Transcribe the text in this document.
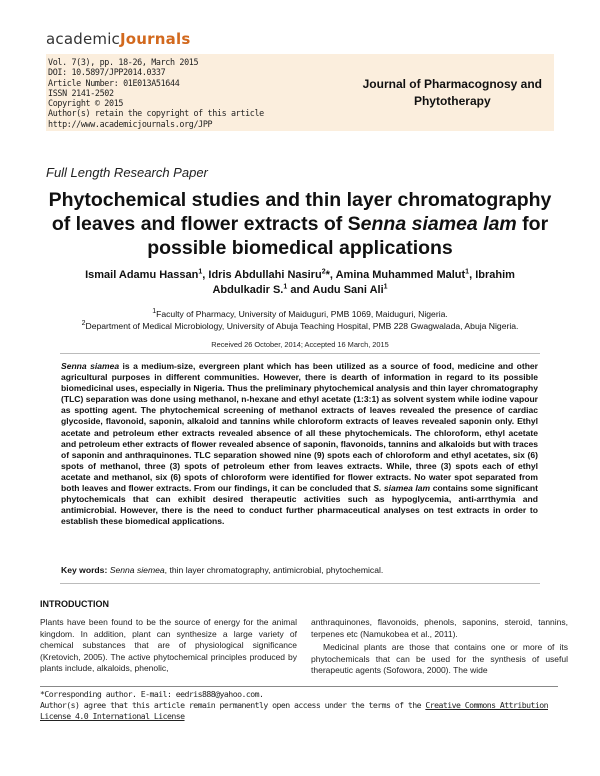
academicJournals
Vol. 7(3), pp. 18-26, March 2015
DOI: 10.5897/JPP2014.0337
Article Number: 01E013A51644
ISSN 2141-2502
Copyright © 2015
Author(s) retain the copyright of this article
http://www.academicjournals.org/JPP
Journal of Pharmacognosy and
Phytotherapy
Full Length Research Paper
Phytochemical studies and thin layer chromatography of leaves and flower extracts of Senna siamea lam for possible biomedical applications
Ismail Adamu Hassan$^1$, Idris Abdullahi Nasiru$^2$*, Amina Muhammed Malut$^1$, Ibrahim Abdulkadir S.$^1$ and Audu Sani Ali$^1$
$^1$Faculty of Pharmacy, University of Maiduguri, PMB 1069, Maiduguri, Nigeria.
$^2$Department of Medical Microbiology, University of Abuja Teaching Hospital, PMB 228 Gwagwalada, Abuja Nigeria.
Received 26 October, 2014; Accepted 16 March, 2015
Senna siamea is a medium-size, evergreen plant which has been utilized as a source of food, medicine and other agricultural purposes in different communities. However, there is dearth of information in regard to its possible biomedicinal uses, especially in Nigeria. Thus the preliminary phytochemical analysis and thin layer chromatography (TLC) separation was done using methanol, n-hexane and ethyl acetate (1:3:1) as solvent system while iodine vapour as spotting agent. The phytochemical screening of methanol extracts of leaves revealed the presence of cardiac glycoside, flavonoid, saponin, alkaloid and tannins while chloroform extracts of leaves revealed saponin only. Ethyl acetate and petroleum ether extracts revealed absence of all these phytochemicals. The chloroform, ethyl acetate and petroleum ether extracts of flower revealed absence of saponin, flavonoids, tannins and alkaloids but with traces of saponin and anthraquinones. TLC separation showed nine (9) spots each of chloroform and ethyl acetates, six (6) spots of methanol, three (3) spots of petroleum ether from leaves extracts. While, three (3) spots each of ethyl acetate and methanol, six (6) spots of chloroform were identified for flower extracts. No water spot separated from both leaves and flower extracts. From our findings, it can be concluded that S. siamea lam contains some significant phytochemicals that can exhibit desired therapeutic activities such as hypoglycemia, anti-arrthymia and antimicrobial. However, there is the need to conduct further pharmaceutical analyses on test extracts in order to establish these biomedical applications.
Key words: Senna siemea, thin layer chromatography, antimicrobial, phytochemical.
INTRODUCTION

Plants have been found to be the source of energy for the animal kingdom. In addition, plant can synthesize a large variety of chemical substances that are of physiological significance (Kretovich, 2005). The active phytochemical principles produced by plants include, alkaloids, phenolic,

anthraquinones, flavonoids, phenols, saponins, steroid, tannins, terpenes etc (Namukobea et al., 2011).

Medicinal plants are those that contains one or more of its phytochemicals that can be used for the synthesis of useful therapeutic agents (Sofowora, 2000). The wide

*Corresponding author. E-mail: eedris888@yahoo.com.
Author(s) agree that this article remain permanently open access under the terms of the Creative Commons Attribution License 4.0 International License
